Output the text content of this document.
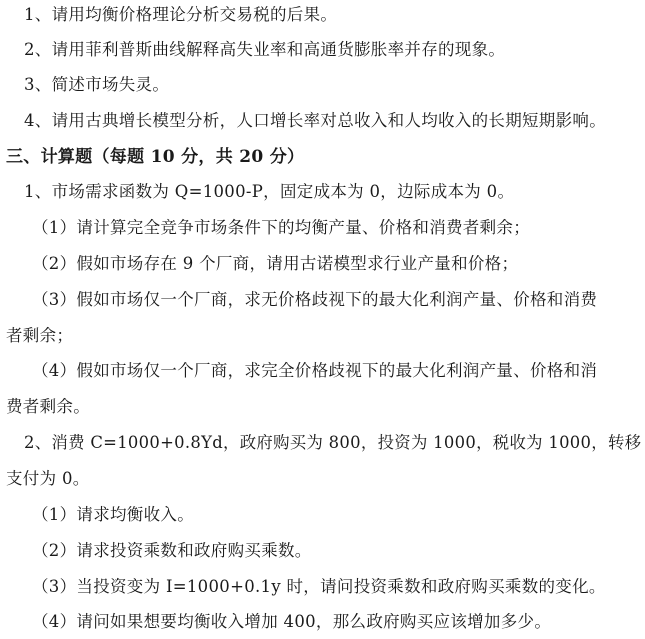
1、请用均衡价格理论分析交易税的后果。
2、请用菲利普斯曲线解释高失业率和高通货膨胀率并存的现象。
3、简述市场失灵。
4、请用古典增长模型分析，人口增长率对总收入和人均收入的长期短期影响。
三、计算题（每题 10 分，共 20 分）
1、市场需求函数为 Q=1000-P，固定成本为 0，边际成本为 0。
（1）请计算完全竞争市场条件下的均衡产量、价格和消费者剩余；
（2）假如市场存在 9 个厂商，请用古诺模型求行业产量和价格；
（3）假如市场仅一个厂商，求无价格歧视下的最大化利润产量、价格和消费
者剩余；
（4）假如市场仅一个厂商，求完全价格歧视下的最大化利润产量、价格和消
费者剩余。
2、消费 C=1000+0.8Yd，政府购买为 800，投资为 1000，税收为 1000，转移
支付为 0。
（1）请求均衡收入。
（2）请求投资乘数和政府购买乘数。
（3）当投资变为 I=1000+0.1y 时，请问投资乘数和政府购买乘数的变化。
（4）请问如果想要均衡收入增加 400，那么政府购买应该增加多少。
